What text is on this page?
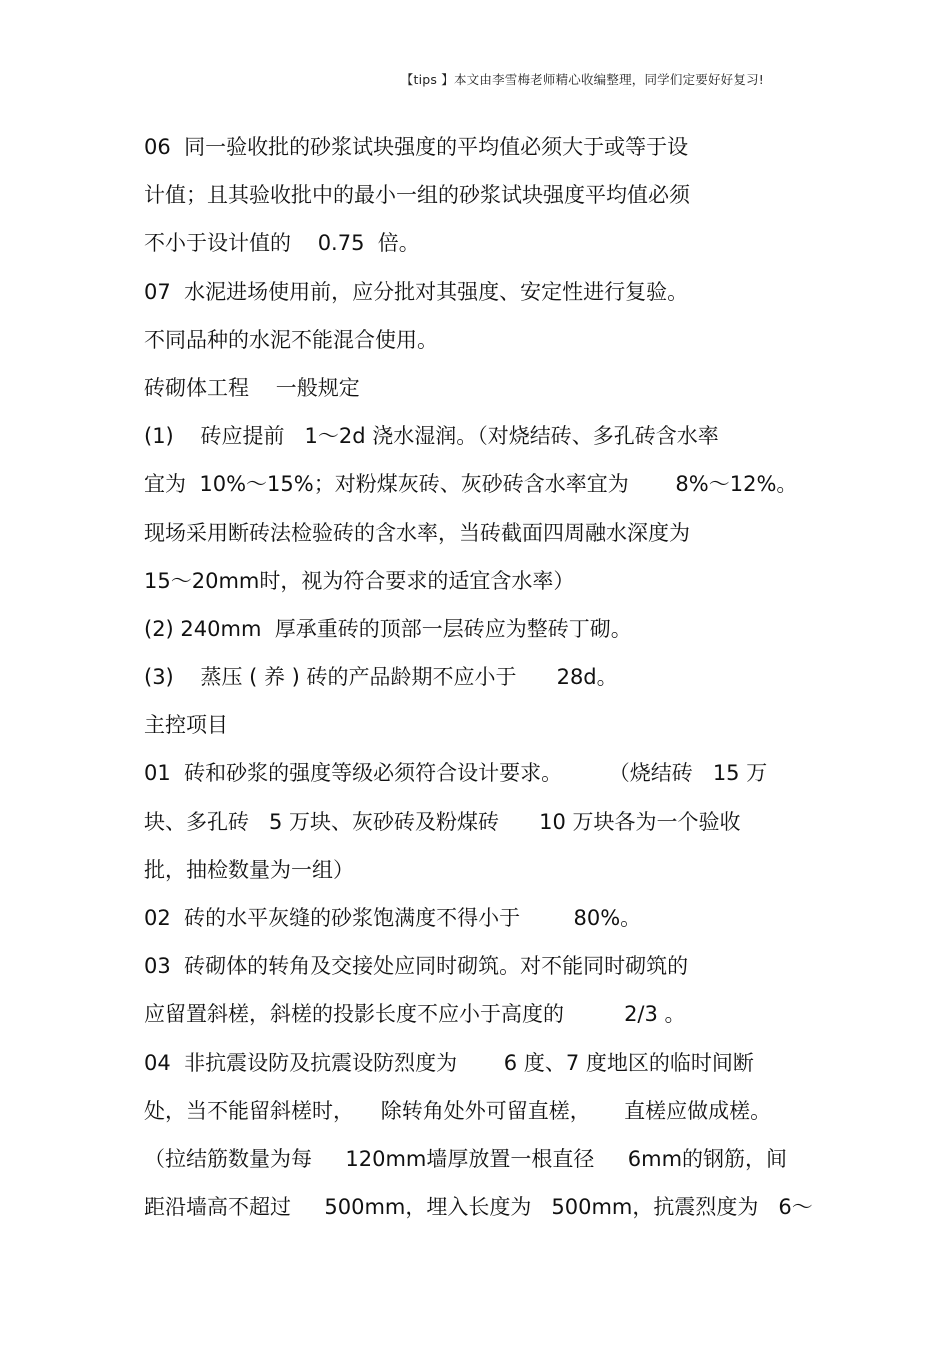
【tips 】本文由李雪梅老师精心收编整理，同学们定要好好复习!
06  同一验收批的砂浆试块强度的平均值必须大于或等于设
计值；且其验收批中的最小一组的砂浆试块强度平均值必须
不小于设计值的    0.75  倍。
07  水泥进场使用前，应分批对其强度、安定性进行复验。
不同品种的水泥不能混合使用。
砖砌体工程    一般规定
(1)    砖应提前   1～2d 浇水湿润。（对烧结砖、多孔砖含水率
宜为  10%～15%；对粉煤灰砖、灰砂砖含水率宜为       8%～12%。
现场采用断砖法检验砖的含水率，当砖截面四周融水深度为
15～20mm时，视为符合要求的适宜含水率）
(2) 240mm  厚承重砖的顶部一层砖应为整砖丁砌。
(3)    蒸压 ( 养 ) 砖的产品龄期不应小于      28d。
主控项目
01  砖和砂浆的强度等级必须符合设计要求。       （烧结砖   15 万
块、多孔砖   5 万块、灰砂砖及粉煤砖      10 万块各为一个验收
批，抽检数量为一组）
02  砖的水平灰缝的砂浆饱满度不得小于        80%。
03  砖砌体的转角及交接处应同时砌筑。对不能同时砌筑的
应留置斜槎，斜槎的投影长度不应小于高度的         2/3 。
04  非抗震设防及抗震设防烈度为       6 度、7 度地区的临时间断
处，当不能留斜槎时，    除转角处外可留直槎，     直槎应做成槎。
（拉结筋数量为每     120mm墙厚放置一根直径     6mm的钢筋，间
距沿墙高不超过     500mm，埋入长度为   500mm，抗震烈度为   6～
